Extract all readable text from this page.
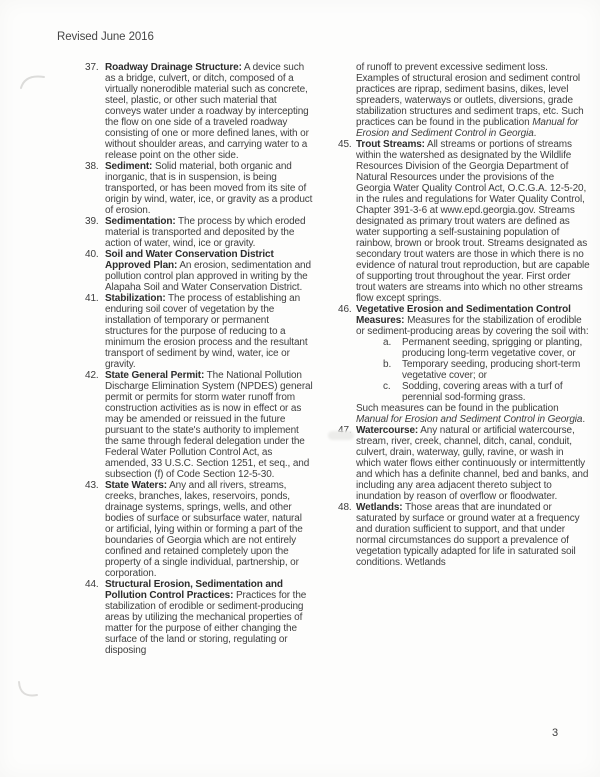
Revised June 2016
37. Roadway Drainage Structure: A device such as a bridge, culvert, or ditch, composed of a virtually nonerodible material such as concrete, steel, plastic, or other such material that conveys water under a roadway by intercepting the flow on one side of a traveled roadway consisting of one or more defined lanes, with or without shoulder areas, and carrying water to a release point on the other side.

38. Sediment: Solid material, both organic and inorganic, that is in suspension, is being transported, or has been moved from its site of origin by wind, water, ice, or gravity as a product of erosion.

39. Sedimentation: The process by which eroded material is transported and deposited by the action of water, wind, ice or gravity.

40. Soil and Water Conservation District Approved Plan: An erosion, sedimentation and pollution control plan approved in writing by the Alapaha Soil and Water Conservation District.

41. Stabilization: The process of establishing an enduring soil cover of vegetation by the installation of temporary or permanent structures for the purpose of reducing to a minimum the erosion process and the resultant transport of sediment by wind, water, ice or gravity.

42. State General Permit: The National Pollution Discharge Elimination System (NPDES) general permit or permits for storm water runoff from construction activities as is now in effect or as may be amended or reissued in the future pursuant to the state's authority to implement the same through federal delegation under the Federal Water Pollution Control Act, as amended, 33 U.S.C. Section 1251, et seq., and subsection (f) of Code Section 12-5-30.

43. State Waters: Any and all rivers, streams, creeks, branches, lakes, reservoirs, ponds, drainage systems, springs, wells, and other bodies of surface or subsurface water, natural or artificial, lying within or forming a part of the boundaries of Georgia which are not entirely confined and retained completely upon the property of a single individual, partnership, or corporation.

44. Structural Erosion, Sedimentation and Pollution Control Practices: Practices for the stabilization of erodible or sediment-producing areas by utilizing the mechanical properties of matter for the purpose of either changing the surface of the land or storing, regulating or disposing

of runoff to prevent excessive sediment loss. Examples of structural erosion and sediment control practices are riprap, sediment basins, dikes, level spreaders, waterways or outlets, diversions, grade stabilization structures and sediment traps, etc. Such practices can be found in the publication Manual for Erosion and Sediment Control in Georgia.

45. Trout Streams: All streams or portions of streams within the watershed as designated by the Wildlife Resources Division of the Georgia Department of Natural Resources under the provisions of the Georgia Water Quality Control Act, O.C.G.A. 12-5-20, in the rules and regulations for Water Quality Control, Chapter 391-3-6 at www.epd.georgia.gov. Streams designated as primary trout waters are defined as water supporting a self-sustaining population of rainbow, brown or brook trout. Streams designated as secondary trout waters are those in which there is no evidence of natural trout reproduction, but are capable of supporting trout throughout the year. First order trout waters are streams into which no other streams flow except springs.

46. Vegetative Erosion and Sedimentation Control Measures: Measures for the stabilization of erodible or sediment-producing areas by covering the soil with:

a. Permanent seeding, sprigging or planting, producing long-term vegetative cover, or

b. Temporary seeding, producing short-term vegetative cover; or

c. Sodding, covering areas with a turf of perennial sod-forming grass.

Such measures can be found in the publication Manual for Erosion and Sediment Control in Georgia.

Watercourse: Any natural or artificial watercourse, stream, river, creek, channel, ditch, canal, conduit, culvert, drain, waterway, gully, ravine, or wash in which water flows either continuously or intermittently and which has a definite channel, bed and banks, and including any area adjacent thereto subject to inundation by reason of overflow or floodwater.

48. Wetlands: Those areas that are inundated or saturated by surface or ground water at a frequency and duration sufficient to support, and that under normal circumstances do support a prevalence of vegetation typically adapted for life in saturated soil conditions. Wetlands

3
